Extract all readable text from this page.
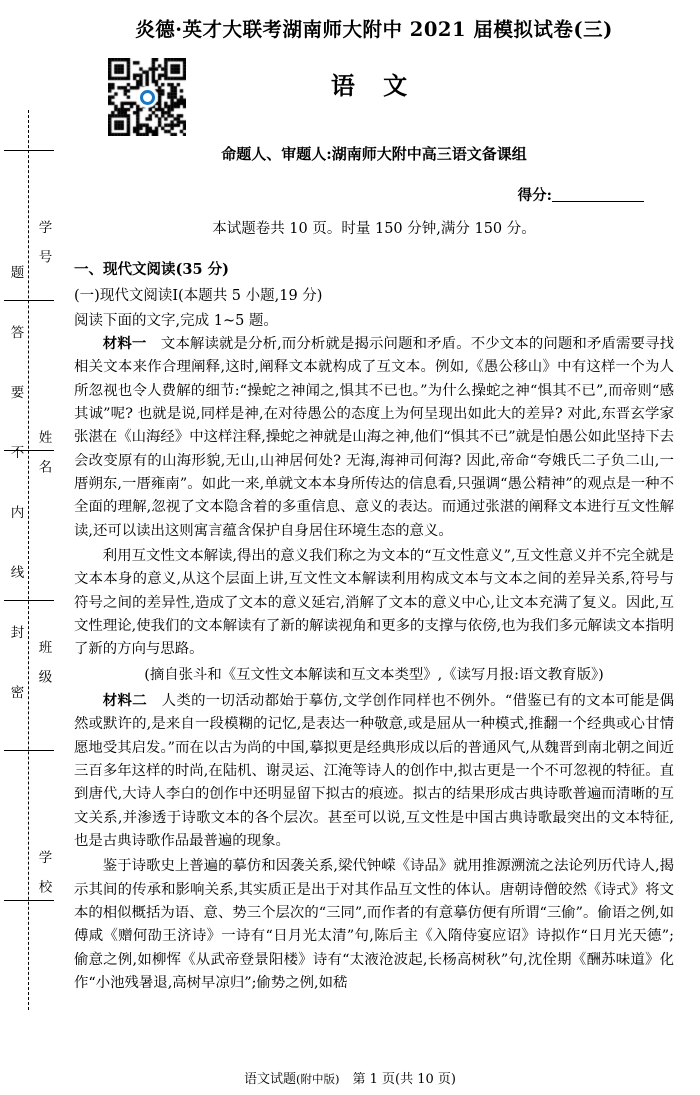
学 号
姓 名
班 级
学 校
题
答
要
不
内
线
封
密
炎德·英才大联考湖南师大附中 2021 届模拟试卷(三)
语 文
命题人、审题人:湖南师大附中高三语文备课组
得分:
本试题卷共 10 页。时量 150 分钟,满分 150 分。
一、现代文阅读(35 分)
(一)现代文阅读Ⅰ(本题共 5 小题,19 分)
阅读下面的文字,完成 1~5 题。

材料一　 文本解读就是分析,而分析就是揭示问题和矛盾。不少文本的问题和矛盾需要寻找相关文本来作合理阐释,这时,阐释文本就构成了互文本。例如,《愚公移山》中有这样一个为人所忽视也令人费解的细节:“操蛇之神闻之,惧其不已也。”为什么操蛇之神“惧其不已”,而帝则“感其诚”呢? 也就是说,同样是神,在对待愚公的态度上为何呈现出如此大的差异? 对此,东晋玄学家张湛在《山海经》中这样注释,操蛇之神就是山海之神,他们“惧其不已”就是怕愚公如此坚持下去会改变原有的山海形貌,无山,山神居何处? 无海,海神司何海? 因此,帝命“夸娥氏二子负二山,一厝朔东,一厝雍南”。如此一来,单就文本本身所传达的信息看,只强调“愚公精神”的观点是一种不全面的理解,忽视了文本隐含着的多重信息、意义的表达。而通过张湛的阐释文本进行互文性解读,还可以读出这则寓言蕴含保护自身居住环境生态的意义。

利用互文性文本解读,得出的意义我们称之为文本的“互文性意义”,互文性意义并不完全就是文本本身的意义,从这个层面上讲,互文性文本解读利用构成文本与文本之间的差异关系,符号与符号之间的差异性,造成了文本的意义延宕,消解了文本的意义中心,让文本充满了复义。因此,互文性理论,使我们的文本解读有了新的解读视角和更多的支撑与依傍,也为我们多元解读文本指明了新的方向与思路。

(摘自张斗和《互文性文本解读和互文本类型》,《读写月报:语文教育版》)

材料二　 人类的一切活动都始于摹仿,文学创作同样也不例外。“借鉴已有的文本可能是偶然或默许的,是来自一段模糊的记忆,是表达一种敬意,或是屈从一种模式,推翻一个经典或心甘情愿地受其启发。”而在以古为尚的中国,摹拟更是经典形成以后的普通风气,从魏晋到南北朝之间近三百多年这样的时尚,在陆机、谢灵运、江淹等诗人的创作中,拟古更是一个不可忽视的特征。直到唐代,大诗人李白的创作中还明显留下拟古的痕迹。拟古的结果形成古典诗歌普遍而清晰的互文关系,并渗透于诗歌文本的各个层次。甚至可以说,互文性是中国古典诗歌最突出的文本特征,也是古典诗歌作品最普遍的现象。

鉴于诗歌史上普遍的摹仿和因袭关系,梁代钟嵘《诗品》就用推源溯流之法论列历代诗人,揭示其间的传承和影响关系,其实质正是出于对其作品互文性的体认。唐朝诗僧皎然《诗式》将文本的相似概括为语、意、势三个层次的“三同”,而作者的有意摹仿便有所谓“三偷”。偷语之例,如傅咸《赠何劭王济诗》一诗有“日月光太清”句,陈后主《入隋侍宴应诏》诗拟作“日月光天德”;偷意之例,如柳恽《从武帝登景阳楼》诗有“太液沧波起,长杨高树秋”句,沈佺期《酬苏味道》化作“小池残暑退,高树早凉归”;偷势之例,如嵇

语文试题(附中版)　 第 1 页(共 10 页)
